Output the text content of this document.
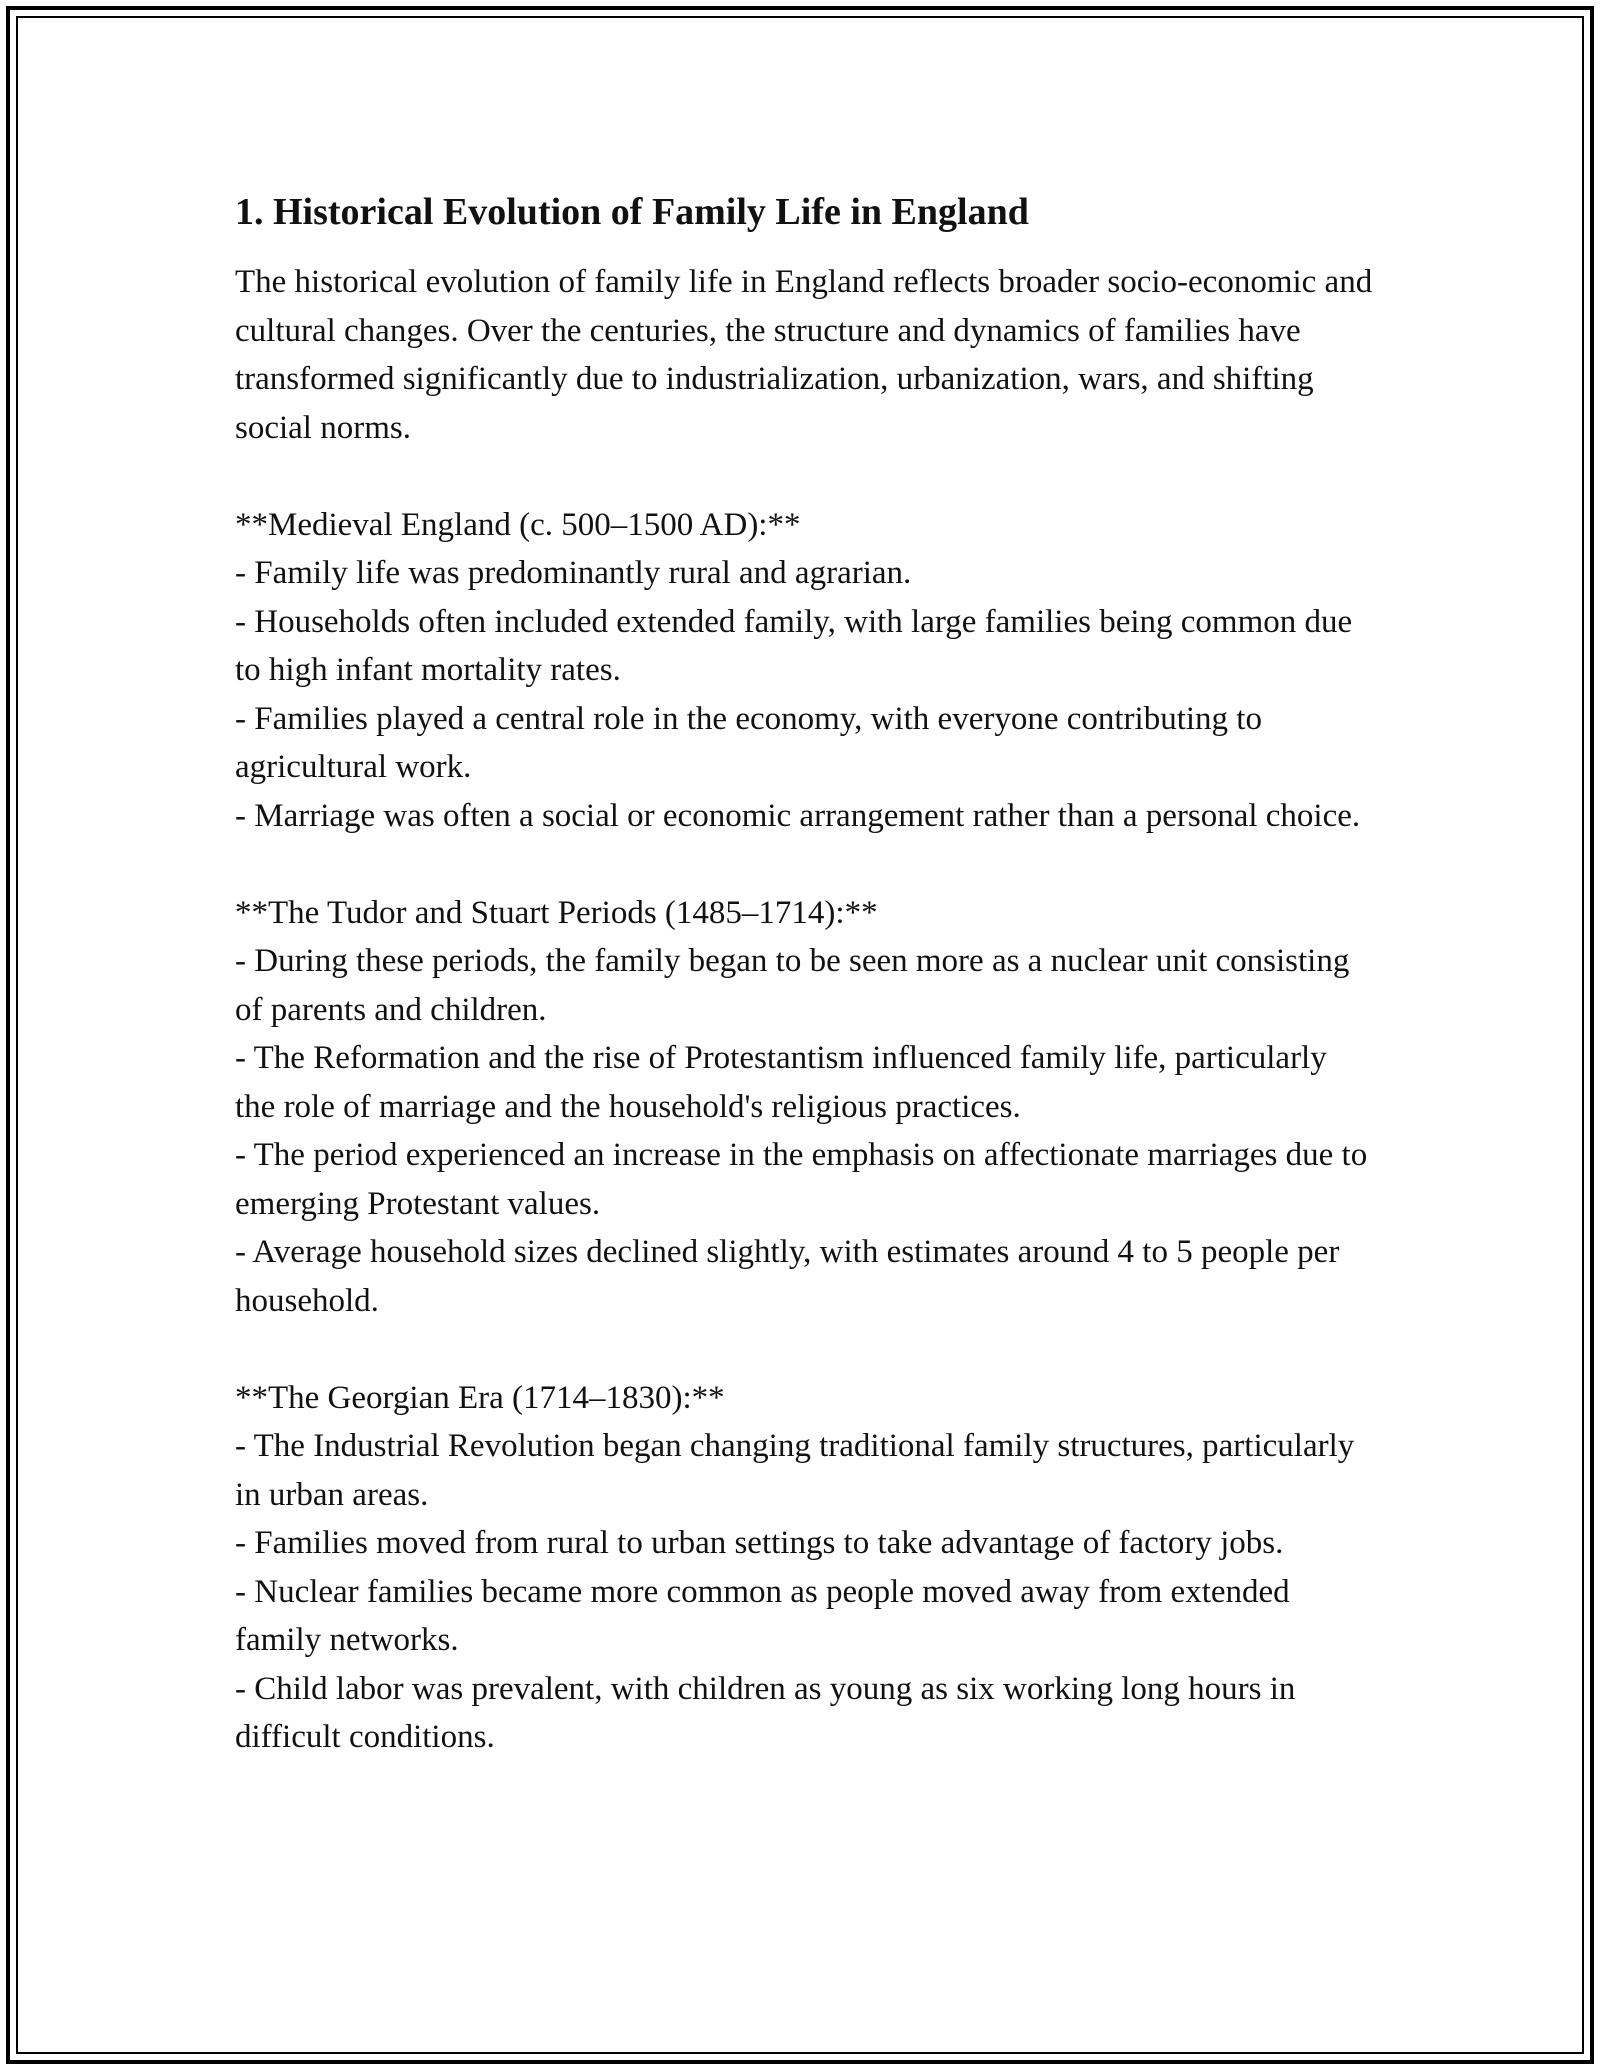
1. Historical Evolution of Family Life in England

The historical evolution of family life in England reflects broader socio-economic and cultural changes. Over the centuries, the structure and dynamics of families have transformed significantly due to industrialization, urbanization, wars, and shifting social norms.

**Medieval England (c. 500–1500 AD):**
- Family life was predominantly rural and agrarian.
- Households often included extended family, with large families being common due to high infant mortality rates.
- Families played a central role in the economy, with everyone contributing to agricultural work.
- Marriage was often a social or economic arrangement rather than a personal choice.
**The Tudor and Stuart Periods (1485–1714):**
- During these periods, the family began to be seen more as a nuclear unit consisting of parents and children.
- The Reformation and the rise of Protestantism influenced family life, particularly the role of marriage and the household's religious practices.
- The period experienced an increase in the emphasis on affectionate marriages due to emerging Protestant values.
- Average household sizes declined slightly, with estimates around 4 to 5 people per household.
**The Georgian Era (1714–1830):**
- The Industrial Revolution began changing traditional family structures, particularly in urban areas.
- Families moved from rural to urban settings to take advantage of factory jobs.
- Nuclear families became more common as people moved away from extended family networks.
- Child labor was prevalent, with children as young as six working long hours in difficult conditions.
